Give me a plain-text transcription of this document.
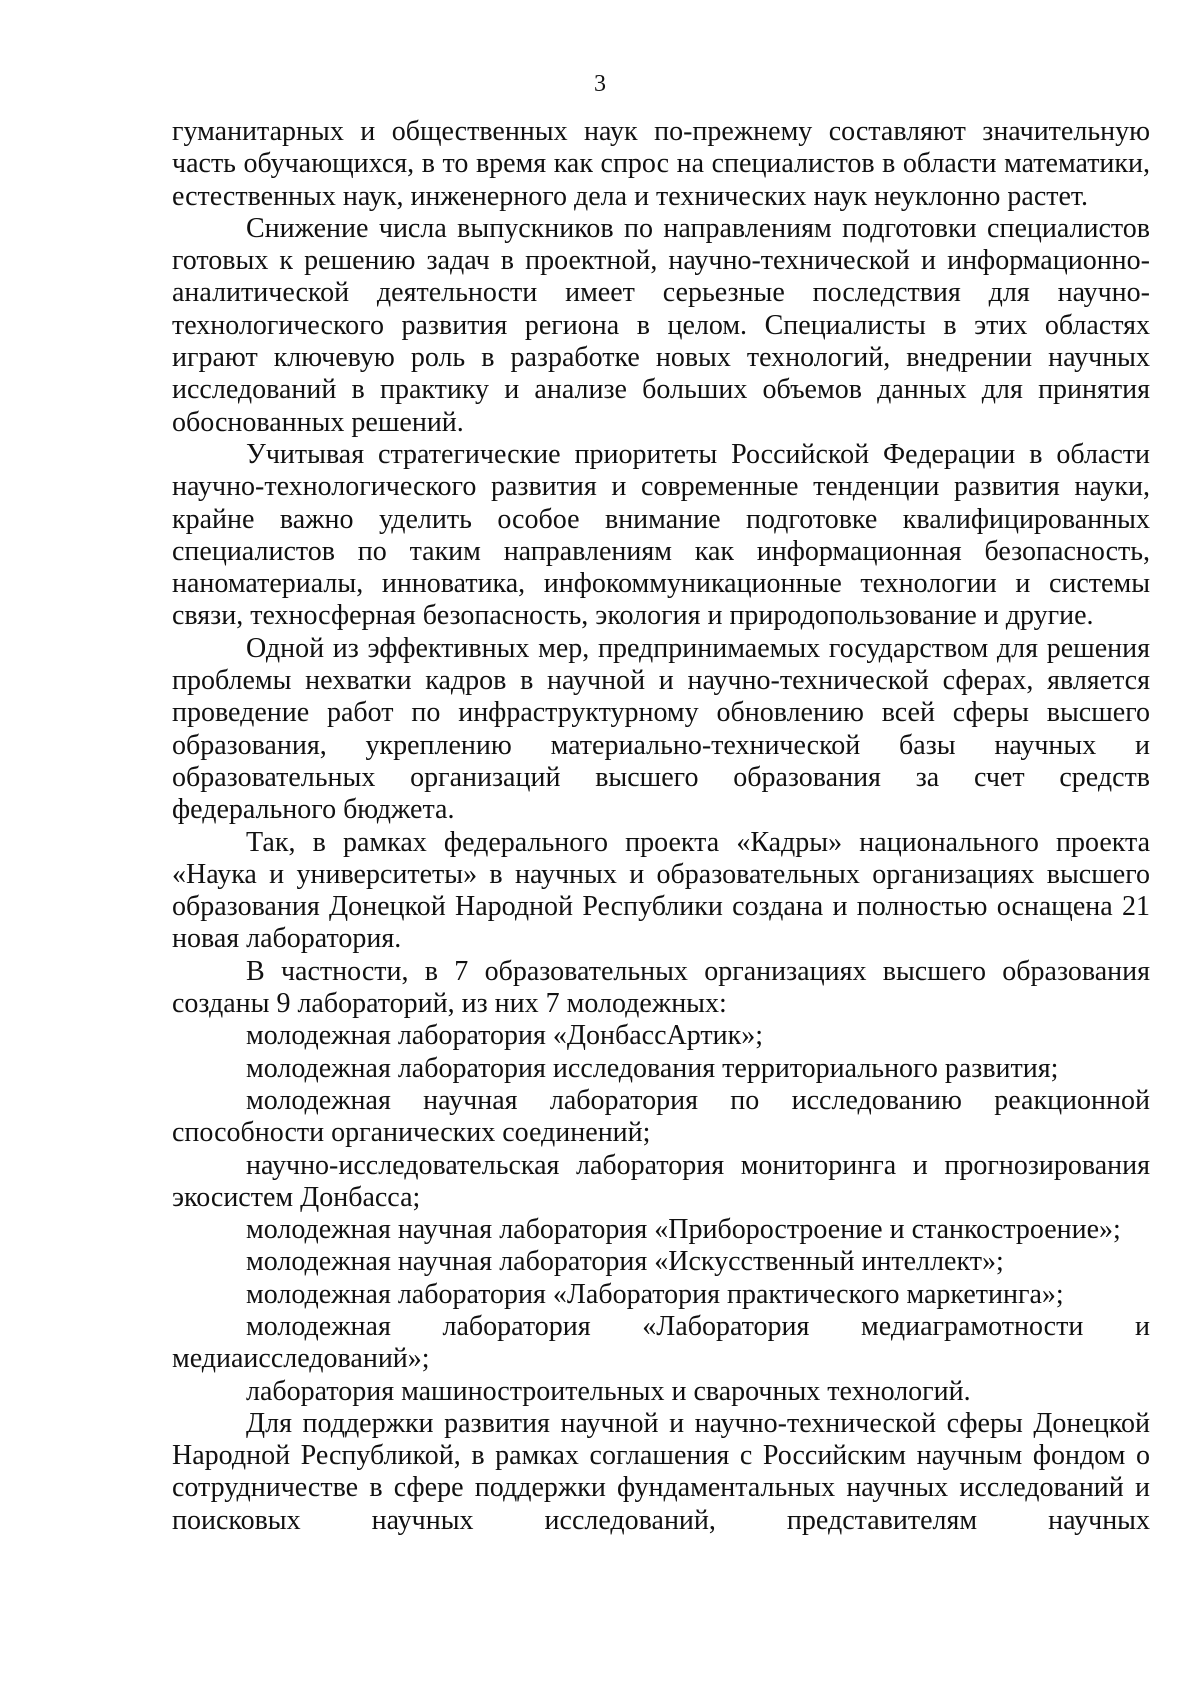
3

гуманитарных и общественных наук по-прежнему составляют значительную часть обучающихся, в то время как спрос на специалистов в области математики, естественных наук, инженерного дела и технических наук неуклонно растет.

Снижение числа выпускников по направлениям подготовки специалистов готовых к решению задач в проектной, научно-технической и информационно-аналитической деятельности имеет серьезные последствия для научно-технологического развития региона в целом. Специалисты в этих областях играют ключевую роль в разработке новых технологий, внедрении научных исследований в практику и анализе больших объемов данных для принятия обоснованных решений.

Учитывая стратегические приоритеты Российской Федерации в области научно-технологического развития и современные тенденции развития науки, крайне важно уделить особое внимание подготовке квалифицированных специалистов по таким направлениям как информационная безопасность, наноматериалы, инноватика, инфокоммуникационные технологии и системы связи, техносферная безопасность, экология и природопользование и другие.

Одной из эффективных мер, предпринимаемых государством для решения проблемы нехватки кадров в научной и научно-технической сферах, является проведение работ по инфраструктурному обновлению всей сферы высшего образования, укреплению материально-технической базы научных и образовательных организаций высшего образования за счет средств федерального бюджета.

Так, в рамках федерального проекта «Кадры» национального проекта «Наука и университеты» в научных и образовательных организациях высшего образования Донецкой Народной Республики создана и полностью оснащена 21 новая лаборатория.

В частности, в 7 образовательных организациях высшего образования созданы 9 лабораторий, из них 7 молодежных:

молодежная лаборатория «ДонбассАртик»;

молодежная лаборатория исследования территориального развития;

молодежная научная лаборатория по исследованию реакционной способности органических соединений;

научно-исследовательская лаборатория мониторинга и прогнозирования экосистем Донбасса;

молодежная научная лаборатория «Приборостроение и станкостроение»;

молодежная научная лаборатория «Искусственный интеллект»;

молодежная лаборатория «Лаборатория практического маркетинга»;

молодежная лаборатория «Лаборатория медиаграмотности и медиаисследований»;

лаборатория машиностроительных и сварочных технологий.

Для поддержки развития научной и научно-технической сферы Донецкой Народной Республикой, в рамках соглашения с Российским научным фондом о сотрудничестве в сфере поддержки фундаментальных научных исследований и поисковых научных исследований, представителям научных
